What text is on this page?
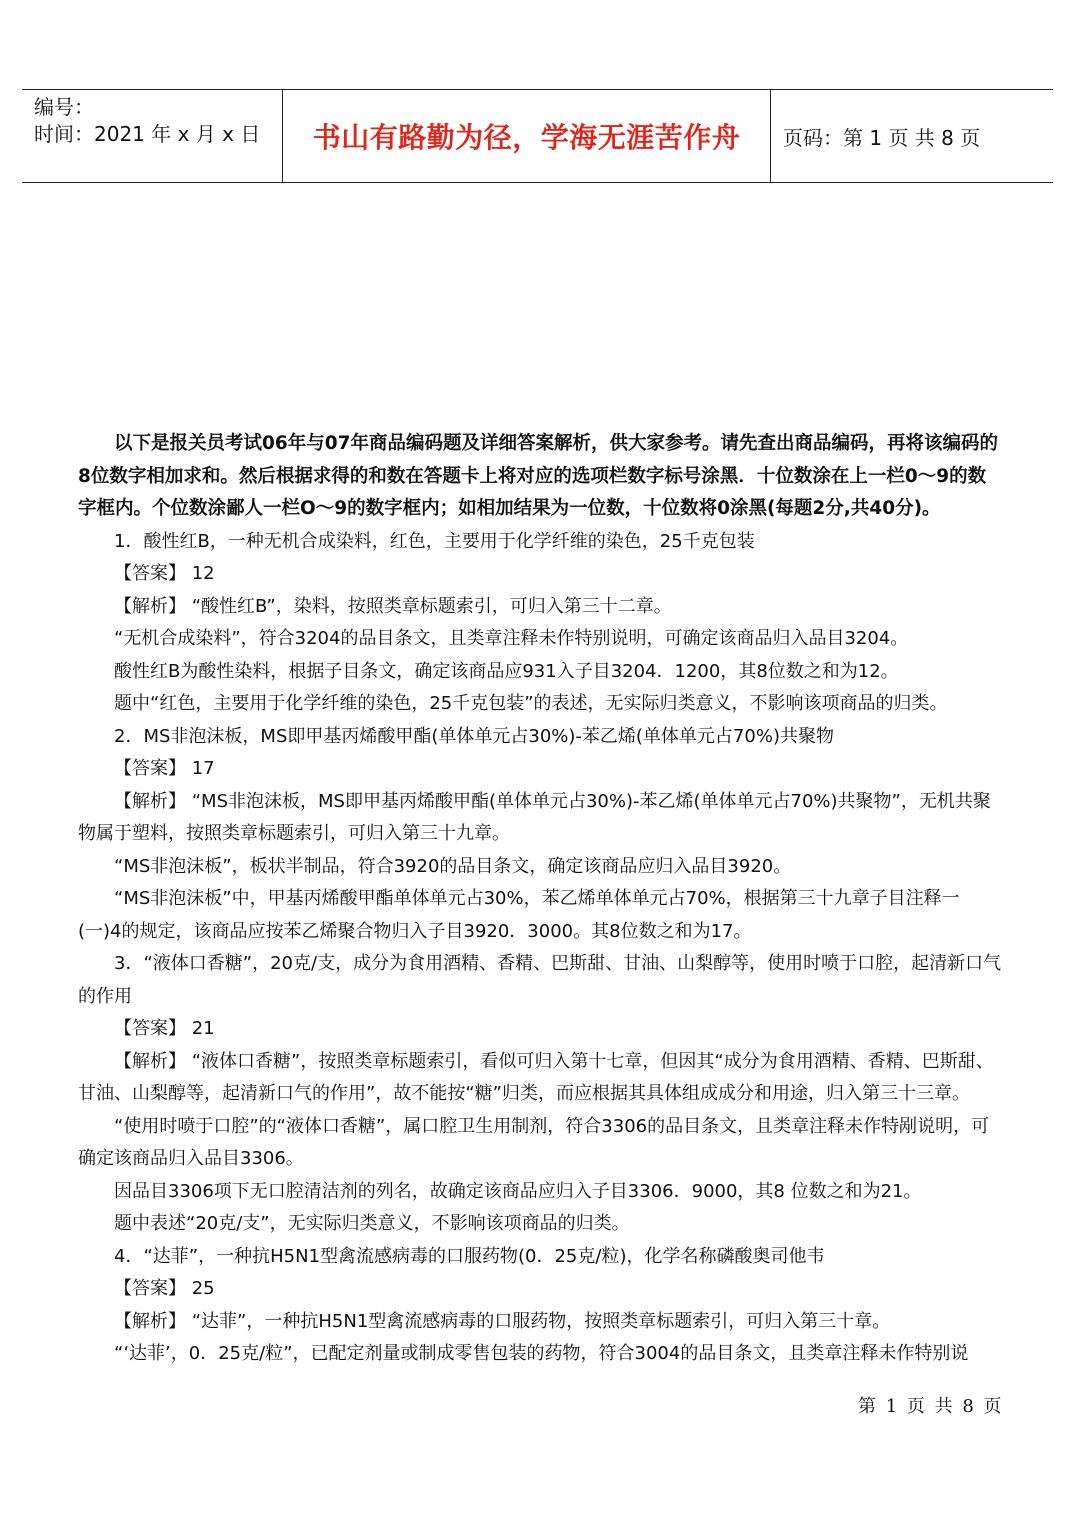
编号：
时间：2021 年 x 月 x 日	书山有路勤为径，学海无涯苦作舟	页码：第 1 页 共 8 页

以下是报关员考试06年与07年商品编码题及详细答案解析，供大家参考。请先查出商品编码，再将该编码的8位数字相加求和。然后根据求得的和数在答题卡上将对应的选项栏数字标号涂黑．十位数涂在上一栏0～9的数字框内。个位数涂鄙人一栏O～9的数字框内；如相加结果为一位数，十位数将0涂黑(每题2分,共40分)。

1．酸性红B，一种无机合成染料，红色，主要用于化学纤维的染色，25千克包装

【答案】 12

【解析】 “酸性红B”，染料，按照类章标题索引，可归入第三十二章。

“无机合成染料”，符合3204的品目条文，且类章注释未作特别说明，可确定该商品归入品目3204。

酸性红B为酸性染料，根据子目条文，确定该商品应931入子目3204．1200，其8位数之和为12。

题中“红色，主要用于化学纤维的染色，25千克包装”的表述，无实际归类意义，不影响该项商品的归类。

2．MS非泡沫板，MS即甲基丙烯酸甲酯(单体单元占30%)-苯乙烯(单体单元占70%)共聚物

【答案】 17

【解析】 “MS非泡沫板，MS即甲基丙烯酸甲酯(单体单元占30%)-苯乙烯(单体单元占70%)共聚物”，无机共聚物属于塑料，按照类章标题索引，可归入第三十九章。

“MS非泡沫板”，板状半制品，符合3920的品目条文，确定该商品应归入品目3920。

“MS非泡沫板”中，甲基丙烯酸甲酯单体单元占30%，苯乙烯单体单元占70%，根据第三十九章子目注释一(一)4的规定，该商品应按苯乙烯聚合物归入子目3920．3000。其8位数之和为17。

3．“液体口香糖”，20克/支，成分为食用酒精、香精、巴斯甜、甘油、山梨醇等，使用时喷于口腔，起清新口气的作用

【答案】 21

【解析】 “液体口香糖”，按照类章标题索引，看似可归入第十七章，但因其“成分为食用酒精、香精、巴斯甜、甘油、山梨醇等，起清新口气的作用”，故不能按“糖”归类，而应根据其具体组成成分和用途，归入第三十三章。

“使用时喷于口腔”的“液体口香糖”，属口腔卫生用制剂，符合3306的品目条文，且类章注释未作特剐说明，可确定该商品归入品目3306。

因品目3306项下无口腔清洁剂的列名，故确定该商品应归入子目3306．9000，其8 位数之和为21。

题中表述“20克/支”，无实际归类意义，不影响该项商品的归类。

4．“达菲”，一种抗H5N1型禽流感病毒的口服药物(0．25克/粒)，化学名称磷酸奥司他韦

【答案】 25

【解析】 “达菲”，一种抗H5N1型禽流感病毒的口服药物，按照类章标题索引，可归入第三十章。

“‘达菲’，0．25克/粒”，已配定剂量或制成零售包装的药物，符合3004的品目条文，且类章注释未作特别说

第 1 页 共 8 页
